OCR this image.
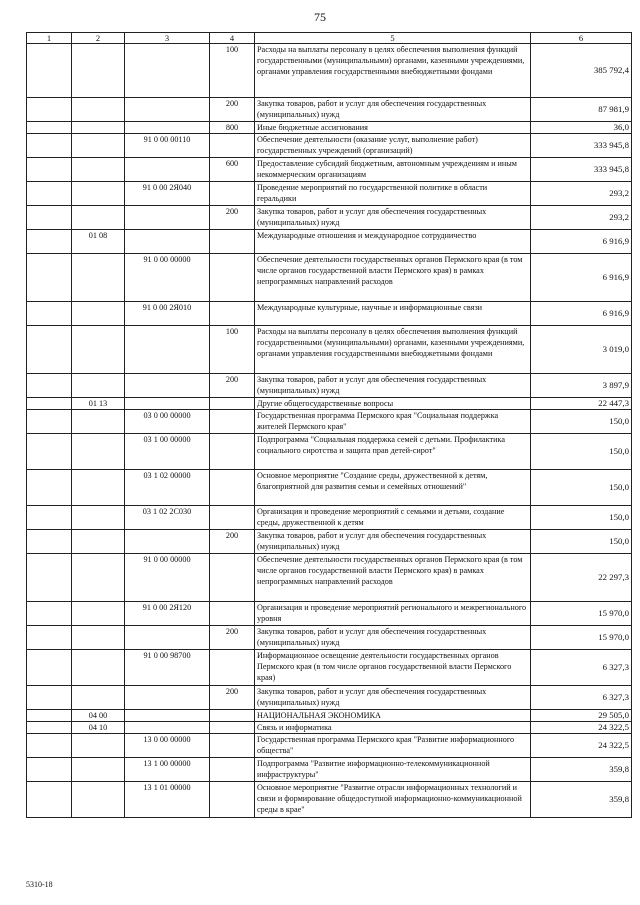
75
1	2	3	4	5	6
			100	Расходы на выплаты персоналу в целях обеспечения выполнения функций государственными (муниципальными) органами, казенными учреждениями, органами управления государственными внебюджетными фондами	385 792,4
			200	Закупка товаров, работ и услуг для обеспечения государственных (муниципальных) нужд	87 981,9
			800	Иные бюджетные ассигнования	36,0
		91 0 00 00110		Обеспечение деятельности (оказание услуг, выполнение работ) государственных учреждений (организаций)	333 945,8
			600	Предоставление субсидий бюджетным, автономным учреждениям и иным некоммерческим организациям	333 945,8
		91 0 00 2Я040		Проведение мероприятий по государственной политике в области геральдики	293,2
			200	Закупка товаров, работ и услуг для обеспечения государственных (муниципальных) нужд	293,2
	01 08			Международные отношения и международное сотрудничество	6 916,9
		91 0 00 00000		Обеспечение деятельности государственных органов Пермского края (в том числе органов государственной власти Пермского края) в рамках непрограммных направлений расходов	6 916,9
		91 0 00 2Я010		Международные культурные, научные и информационные связи	6 916,9
			100	Расходы на выплаты персоналу в целях обеспечения выполнения функций государственными (муниципальными) органами, казенными учреждениями, органами управления государственными внебюджетными фондами	3 019,0
			200	Закупка товаров, работ и услуг для обеспечения государственных (муниципальных) нужд	3 897,9
	01 13			Другие общегосударственные вопросы	22 447,3
		03 0 00 00000		Государственная программа Пермского края "Социальная поддержка жителей Пермского края"	150,0
		03 1 00 00000		Подпрограмма "Социальная поддержка семей с детьми. Профилактика социального сиротства и защита прав детей-сирот"	150,0
		03 1 02 00000		Основное мероприятие "Создание среды, дружественной к детям, благоприятной для развития семьи и семейных отношений"	150,0
		03 1 02 2С030		Организация и проведение мероприятий с семьями и детьми, создание среды, дружественной к детям	150,0
			200	Закупка товаров, работ и услуг для обеспечения государственных (муниципальных) нужд	150,0
		91 0 00 00000		Обеспечение деятельности государственных органов Пермского края (в том числе органов государственной власти Пермского края) в рамках непрограммных направлений расходов	22 297,3
		91 0 00 2Я120		Организация и проведение мероприятий регионального и межрегионального уровня	15 970,0
			200	Закупка товаров, работ и услуг для обеспечения государственных (муниципальных) нужд	15 970,0
		91 0 00 98700		Информационное освещение деятельности государственных органов Пермского края (в том числе органов государственной власти Пермского края)	6 327,3
			200	Закупка товаров, работ и услуг для обеспечения государственных (муниципальных) нужд	6 327,3
	04 00			НАЦИОНАЛЬНАЯ ЭКОНОМИКА	29 505,0
	04 10			Связь и информатика	24 322,5
		13 0 00 00000		Государственная программа Пермского края "Развитие информационного общества"	24 322,5
		13 1 00 00000		Подпрограмма "Развитие информационно-телекоммуникационной инфраструктуры"	359,8
		13 1 01 00000		Основное мероприятие "Развитие отрасли информационных технологий и связи и формирование общедоступной информационно-коммуникационной среды в крае"	359,8
5310-18
